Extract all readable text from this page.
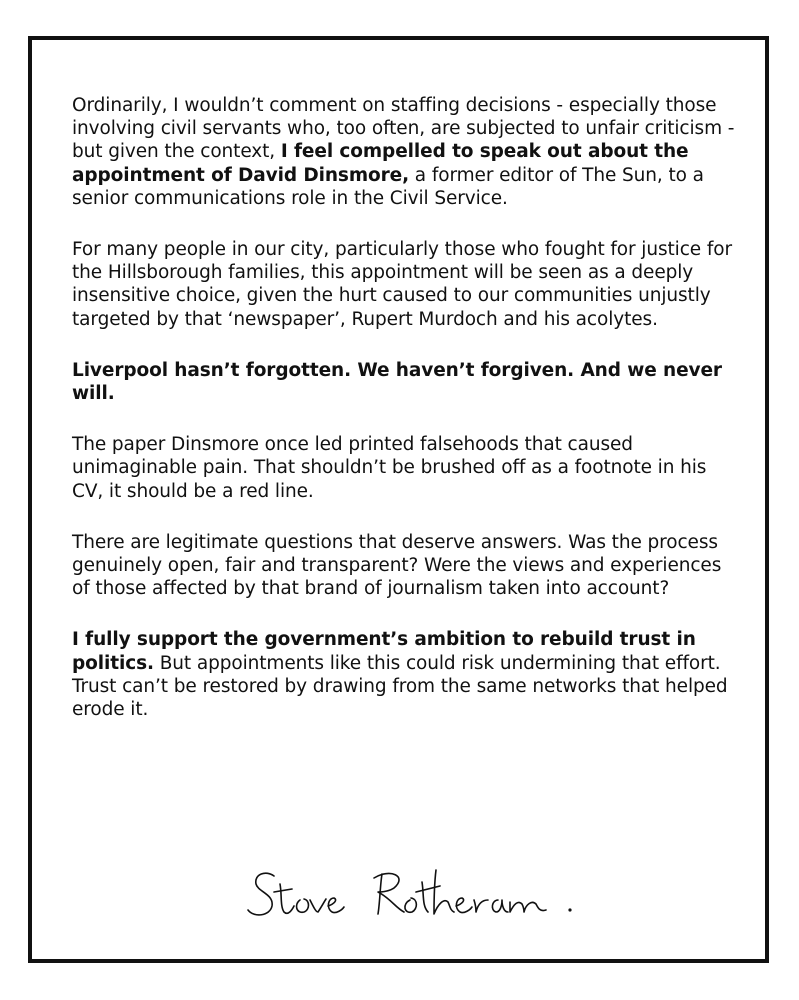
Ordinarily, I wouldn’t comment on staffing decisions - especially those involving civil servants who, too often, are subjected to unfair criticism - but given the context, I feel compelled to speak out about the appointment of David Dinsmore, a former editor of The Sun, to a senior communications role in the Civil Service.

For many people in our city, particularly those who fought for justice for the Hillsborough families, this appointment will be seen as a deeply insensitive choice, given the hurt caused to our communities unjustly targeted by that ‘newspaper’, Rupert Murdoch and his acolytes.

Liverpool hasn’t forgotten. We haven’t forgiven. And we never will.

The paper Dinsmore once led printed falsehoods that caused unimaginable pain. That shouldn’t be brushed off as a footnote in his CV, it should be a red line.

There are legitimate questions that deserve answers. Was the process genuinely open, fair and transparent? Were the views and experiences of those affected by that brand of journalism taken into account?

I fully support the government’s ambition to rebuild trust in politics. But appointments like this could risk undermining that effort. Trust can’t be restored by drawing from the same networks that helped erode it.
